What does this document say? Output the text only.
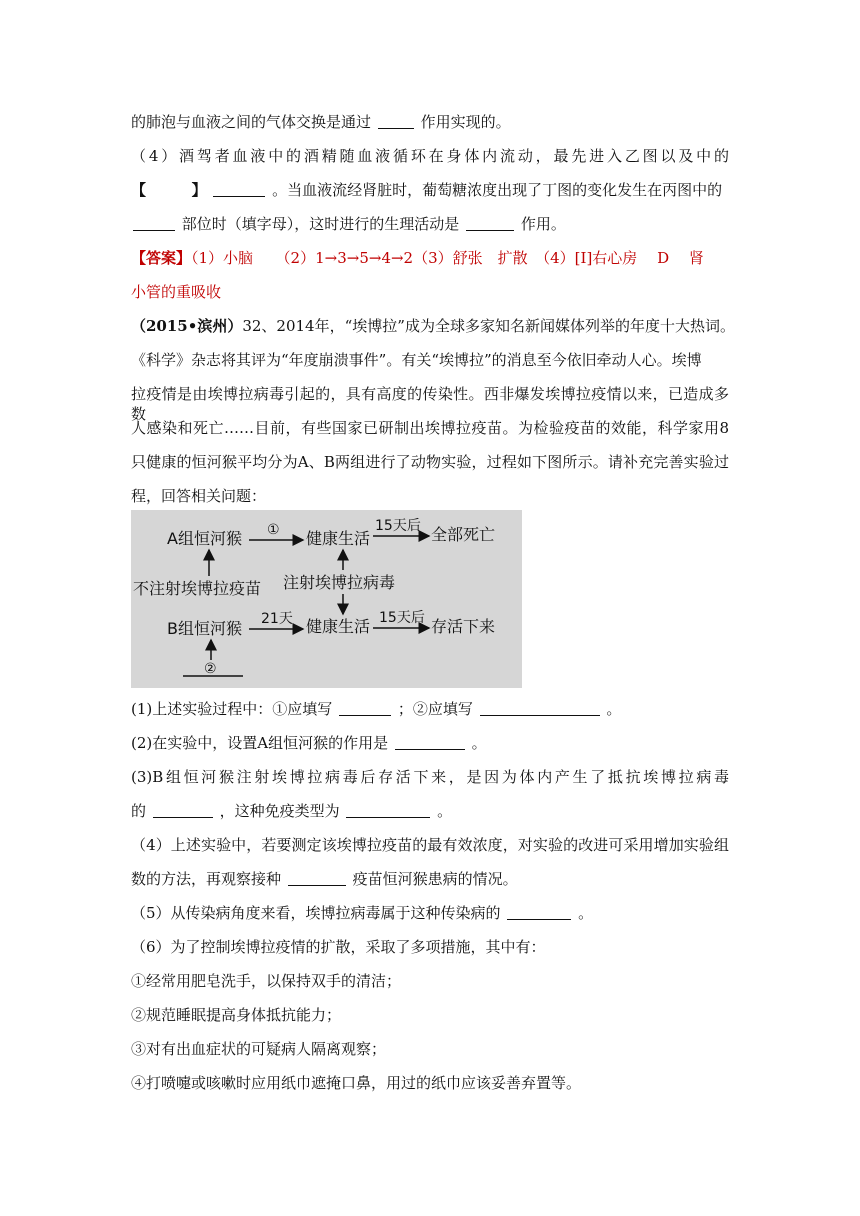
的肺泡与血液之间的气体交换是通过	作用实现的。
（4）酒驾者血液中的酒精随血液循环在身体内流动，最先进入乙图以及中的
【	】	。当血液流经肾脏时，葡萄糖浓度出现了丁图的变化发生在丙图中的
部位时（填字母），这时进行的生理活动是	作用。
【答案】（1）小脑　　（2）1→3→5→4→2（3）舒张　扩散　（4）[Ⅰ]右心房　 D　 肾
小管的重吸收
（2015•滨州）32、2014年，“埃博拉”成为全球多家知名新闻媒体列举的年度十大热词。
《科学》杂志将其评为“年度崩溃事件”。有关“埃博拉”的消息至今依旧牵动人心。埃博
拉疫情是由埃博拉病毒引起的，具有高度的传染性。西非爆发埃博拉疫情以来，已造成多数
人感染和死亡……目前，有些国家已研制出埃博拉疫苗。为检验疫苗的效能，科学家用8
只健康的恒河猴平均分为A、B两组进行了动物实验，过程如下图所示。请补充完善实验过
程，回答相关问题：
A组恒河猴 ① 健康生活
15天后 全部死亡
不注射埃博拉疫苗 注射埃博拉病毒
B组恒河猴 21天 健康生活 15天后 存活下来
②
(1)上述实验过程中：①应填写	；②应填写	。
(2)在实验中，设置A组恒河猴的作用是	。
(3)B组恒河猴注射埃博拉病毒后存活下来，是因为体内产生了抵抗埃博拉病毒
的	，这种免疫类型为	。
（4）上述实验中，若要测定该埃博拉疫苗的最有效浓度，对实验的改进可采用增加实验组
数的方法，再观察接种	疫苗恒河猴患病的情况。
（5）从传染病角度来看，埃博拉病毒属于这种传染病的	。
（6）为了控制埃博拉疫情的扩散，采取了多项措施，其中有：
①经常用肥皂洗手，以保持双手的清洁；
②规范睡眠提高身体抵抗能力；
③对有出血症状的可疑病人隔离观察；
④打喷嚏或咳嗽时应用纸巾遮掩口鼻，用过的纸巾应该妥善弃置等。
